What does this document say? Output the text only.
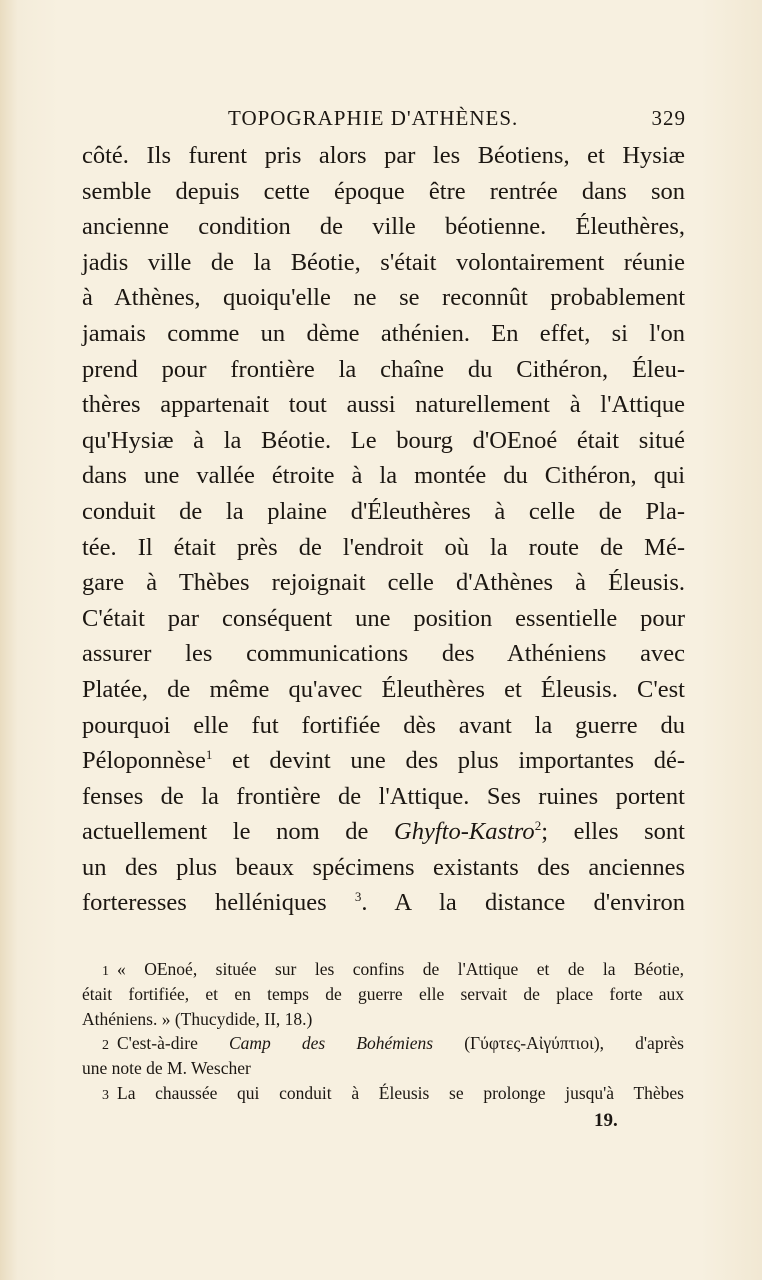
TOPOGRAPHIE D'ATHÈNES.	329
côté. Ils furent pris alors par les Béotiens, et Hysiæ
semble depuis cette époque être rentrée dans son
ancienne condition de ville béotienne. Éleuthères,
jadis ville de la Béotie, s'était volontairement réunie
à Athènes, quoiqu'elle ne se reconnût probablement
jamais comme un dème athénien. En effet, si l'on
prend pour frontière la chaîne du Cithéron, Éleu-
thères appartenait tout aussi naturellement à l'Attique
qu'Hysiæ à la Béotie. Le bourg d'OEnoé était situé
dans une vallée étroite à la montée du Cithéron, qui
conduit de la plaine d'Éleuthères à celle de Pla-
tée. Il était près de l'endroit où la route de Mé-
gare à Thèbes rejoignait celle d'Athènes à Éleusis.
C'était par conséquent une position essentielle pour
assurer les communications des Athéniens avec
Platée, de même qu'avec Éleuthères et Éleusis. C'est
pourquoi elle fut fortifiée dès avant la guerre du
Péloponnèse$^1$ et devint une des plus importantes dé-
fenses de la frontière de l'Attique. Ses ruines portent
actuellement le nom de Ghyfto-Kastro$^2$; elles sont
un des plus beaux spécimens existants des anciennes
forteresses helléniques $^3$. A la distance d'environ
1 « OEnoé, située sur les confins de l'Attique et de la Béotie,
était fortifiée, et en temps de guerre elle servait de place forte aux
Athéniens. » (Thucydide, II, 18.)
2 C'est-à-dire Camp des Bohémiens (Γύφτες-Αἰγύπτιοι), d'après
une note de M. Wescher
3 La chaussée qui conduit à Éleusis se prolonge jusqu'à Thèbes
19.
